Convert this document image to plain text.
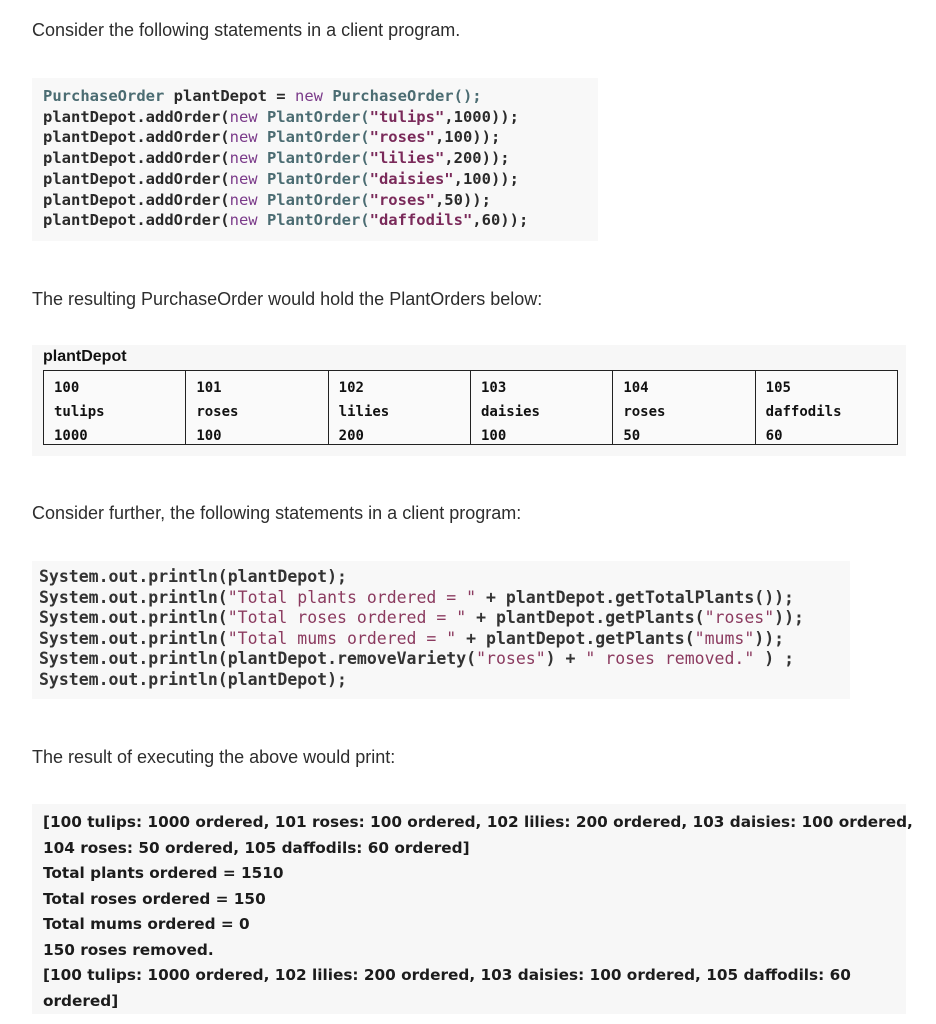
Consider the following statements in a client program.
PurchaseOrder plantDepot = new PurchaseOrder();
plantDepot.addOrder(new PlantOrder("tulips",1000));
plantDepot.addOrder(new PlantOrder("roses",100));
plantDepot.addOrder(new PlantOrder("lilies",200));
plantDepot.addOrder(new PlantOrder("daisies",100));
plantDepot.addOrder(new PlantOrder("roses",50));
plantDepot.addOrder(new PlantOrder("daffodils",60));
The resulting PurchaseOrder would hold the PlantOrders below:
plantDepot
100
tulips
1000
101
roses
100
102
lilies
200
103
daisies
100
104
roses
50
105
daffodils
60
Consider further, the following statements in a client program:
System.out.println(plantDepot);
System.out.println("Total plants ordered = " + plantDepot.getTotalPlants());
System.out.println("Total roses ordered = " + plantDepot.getPlants("roses"));
System.out.println("Total mums ordered = " + plantDepot.getPlants("mums"));
System.out.println(plantDepot.removeVariety("roses") + " roses removed." ) ;
System.out.println(plantDepot);
The result of executing the above would print:
[100 tulips: 1000 ordered, 101 roses: 100 ordered, 102 lilies: 200 ordered, 103 daisies: 100 ordered,
104 roses: 50 ordered, 105 daffodils: 60 ordered]
Total plants ordered = 1510
Total roses ordered = 150
Total mums ordered = 0
150 roses removed.
[100 tulips: 1000 ordered, 102 lilies: 200 ordered, 103 daisies: 100 ordered, 105 daffodils: 60
ordered]
